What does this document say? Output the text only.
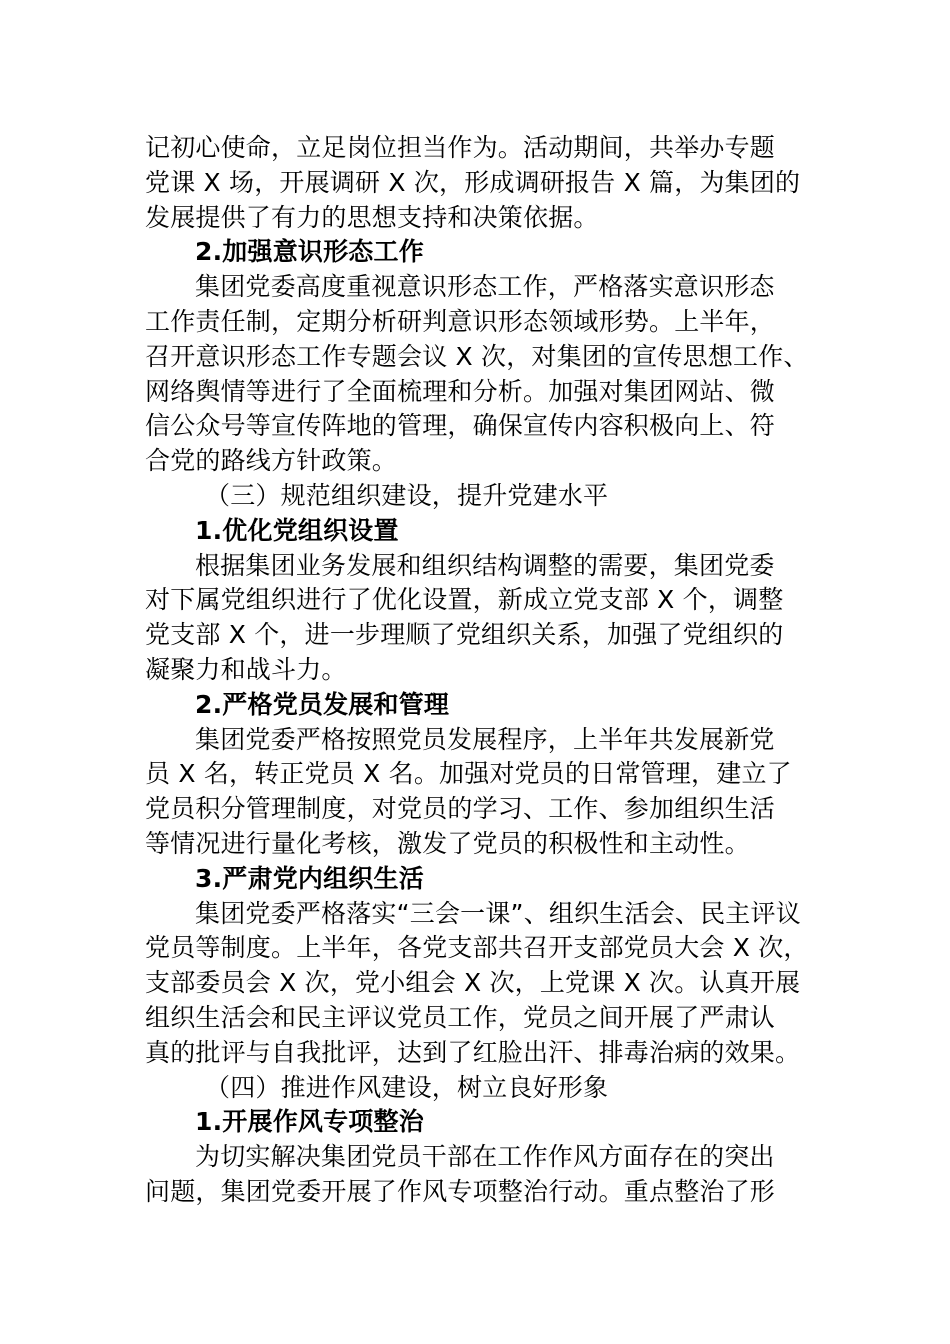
记初心使命，立足岗位担当作为。活动期间，共举办专题
党课 X 场，开展调研 X 次，形成调研报告 X 篇，为集团的
发展提供了有力的思想支持和决策依据。
2.加强意识形态工作
集团党委高度重视意识形态工作，严格落实意识形态
工作责任制，定期分析研判意识形态领域形势。上半年，
召开意识形态工作专题会议 X 次，对集团的宣传思想工作、
网络舆情等进行了全面梳理和分析。加强对集团网站、微
信公众号等宣传阵地的管理，确保宣传内容积极向上、符
合党的路线方针政策。
（三）规范组织建设，提升党建水平
1.优化党组织设置
根据集团业务发展和组织结构调整的需要，集团党委
对下属党组织进行了优化设置，新成立党支部 X 个，调整
党支部 X 个，进一步理顺了党组织关系，加强了党组织的
凝聚力和战斗力。
2.严格党员发展和管理
集团党委严格按照党员发展程序，上半年共发展新党
员 X 名，转正党员 X 名。加强对党员的日常管理，建立了
党员积分管理制度，对党员的学习、工作、参加组织生活
等情况进行量化考核，激发了党员的积极性和主动性。
3.严肃党内组织生活
集团党委严格落实“三会一课”、组织生活会、民主评议
党员等制度。上半年，各党支部共召开支部党员大会 X 次，
支部委员会 X 次，党小组会 X 次，上党课 X 次。认真开展
组织生活会和民主评议党员工作，党员之间开展了严肃认
真的批评与自我批评，达到了红脸出汗、排毒治病的效果。
（四）推进作风建设，树立良好形象
1.开展作风专项整治
为切实解决集团党员干部在工作作风方面存在的突出
问题，集团党委开展了作风专项整治行动。重点整治了形
